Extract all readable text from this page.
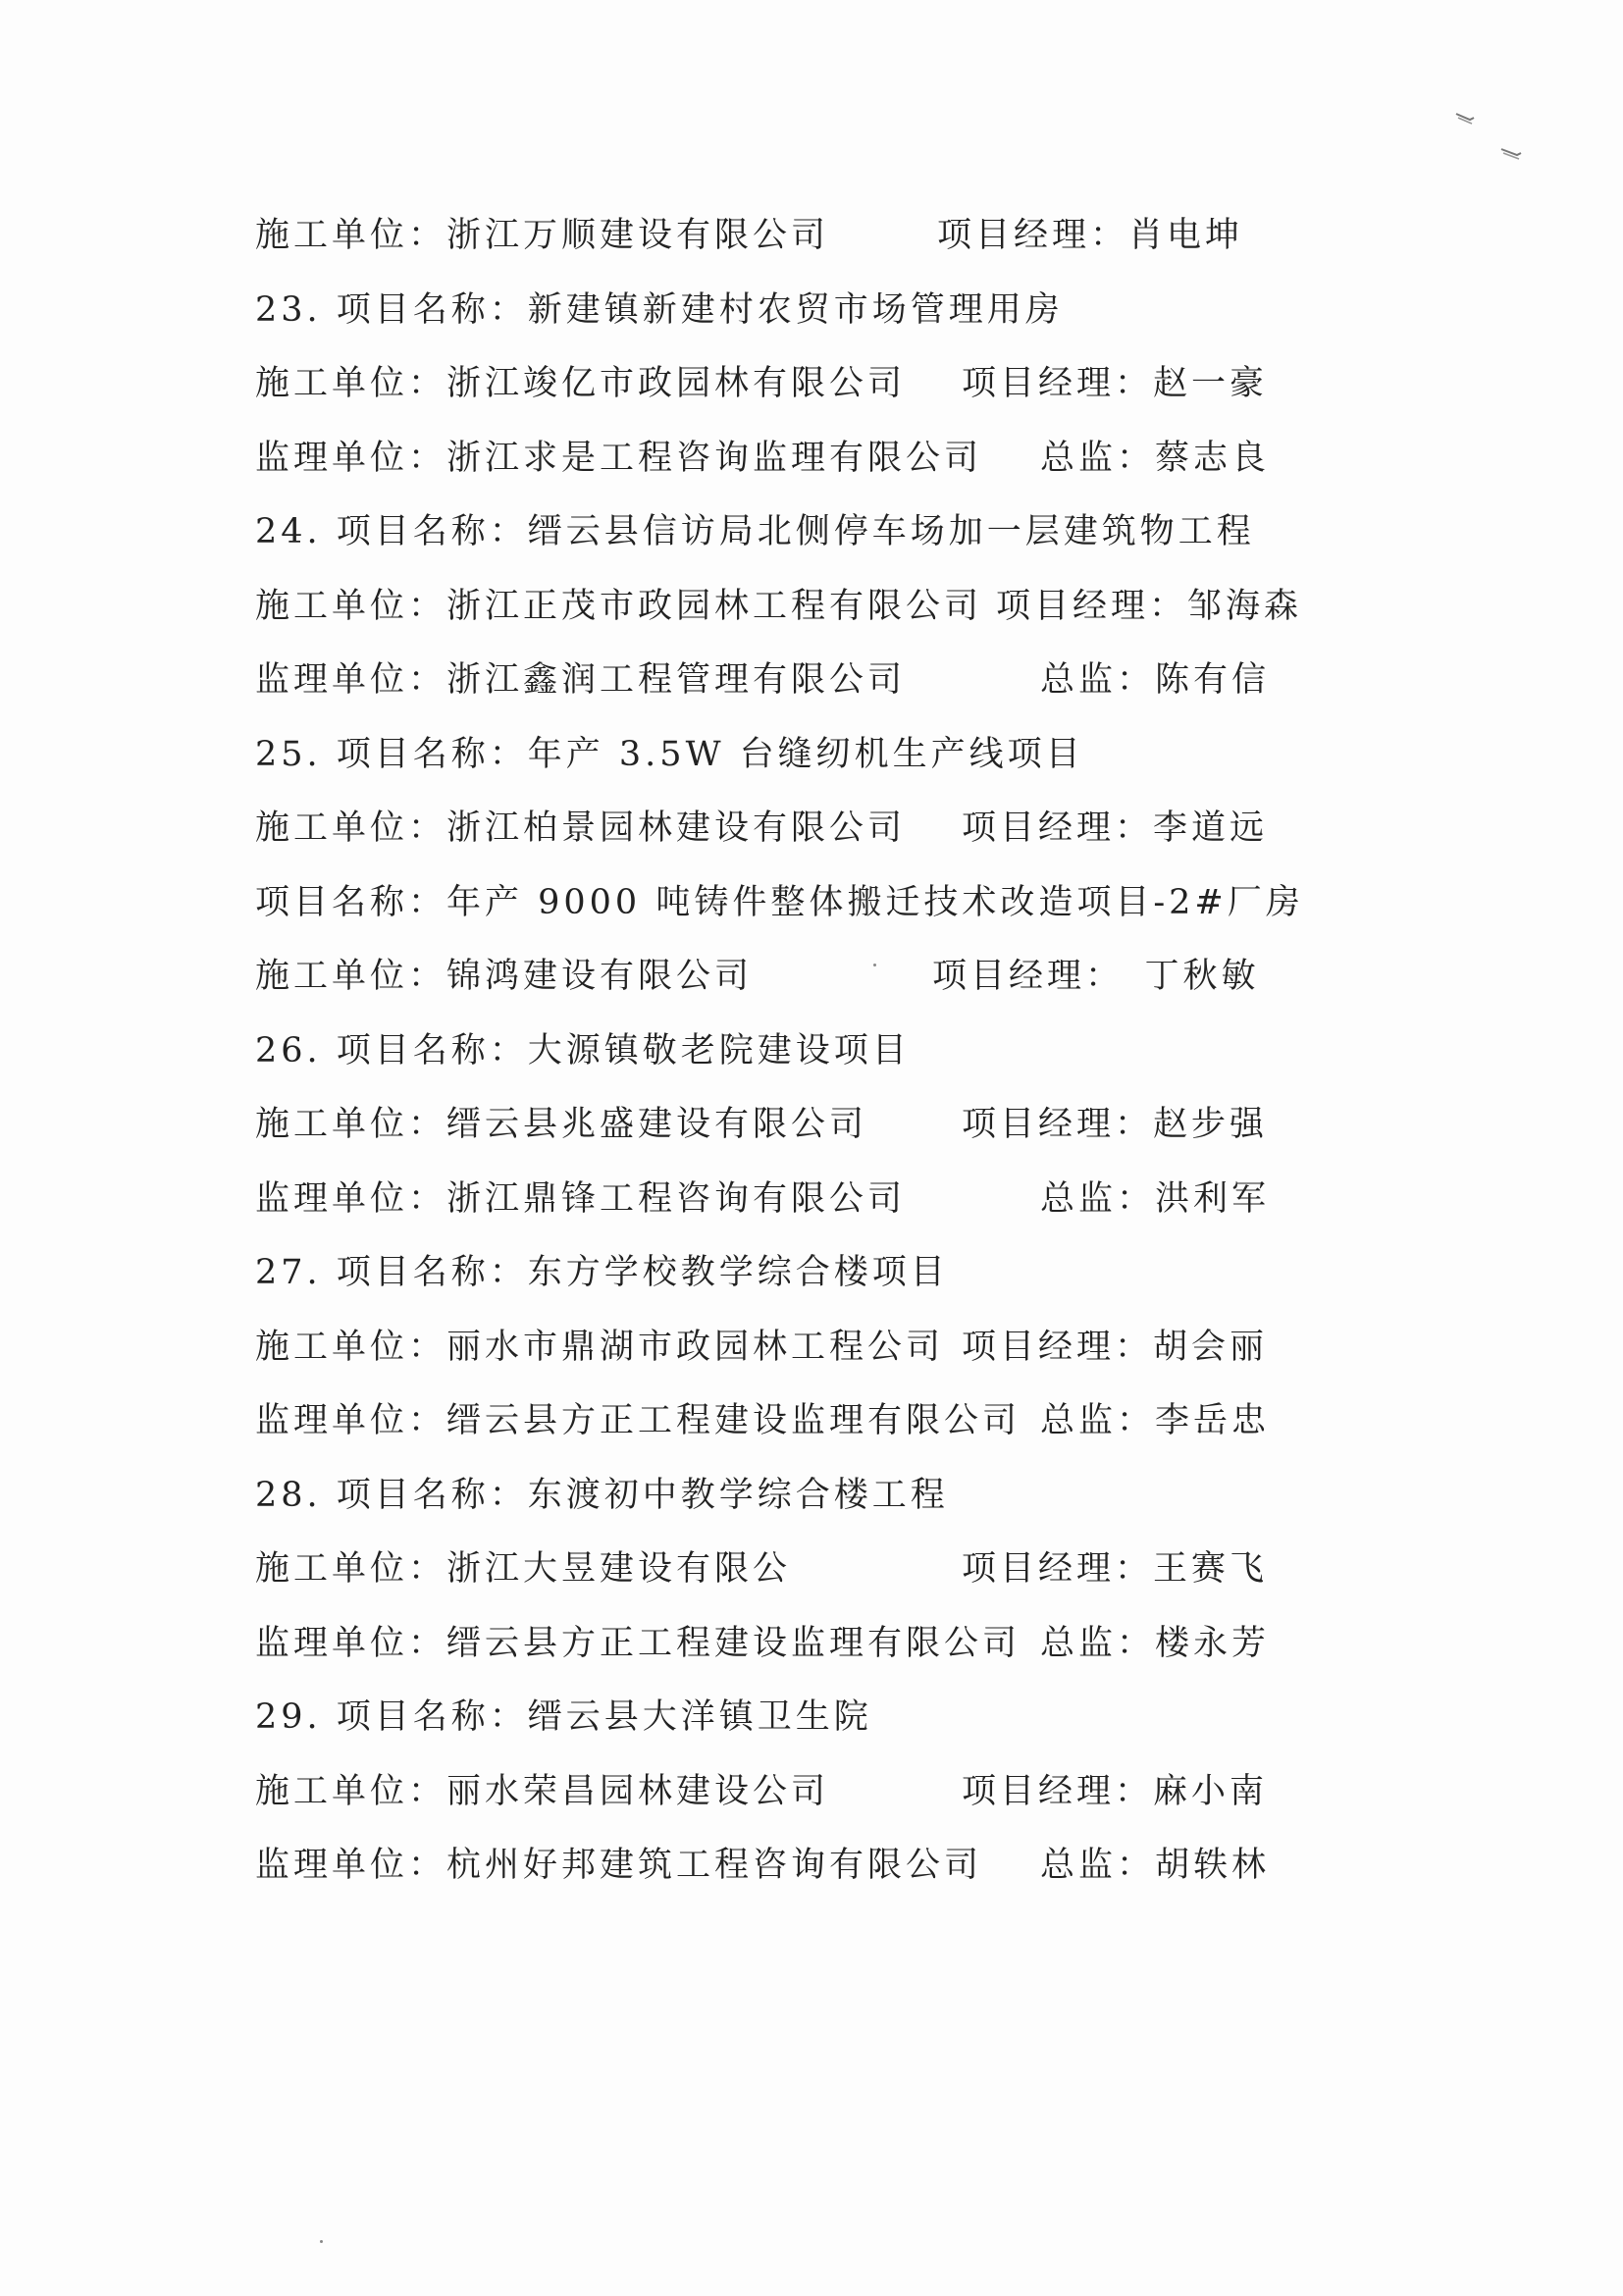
施工单位：浙江万顺建设有限公司	项目经理：肖电坤
23. 项目名称：新建镇新建村农贸市场管理用房
施工单位：浙江竣亿市政园林有限公司 项目经理：赵一豪
监理单位：浙江求是工程咨询监理有限公司 总监：蔡志良
24. 项目名称：缙云县信访局北侧停车场加一层建筑物工程
施工单位：浙江正茂市政园林工程有限公司 项目经理：邹海森
监理单位：浙江鑫润工程管理有限公司	总监：陈有信
25. 项目名称：年产 3.5W 台缝纫机生产线项目
施工单位：浙江柏景园林建设有限公司 项目经理：李道远
项目名称：年产 9000 吨铸件整体搬迁技术改造项目-2#厂房
施工单位：锦鸿建设有限公司	项目经理：　丁秋敏
26. 项目名称：大源镇敬老院建设项目
施工单位：缙云县兆盛建设有限公司	项目经理：赵步强
监理单位：浙江鼎锋工程咨询有限公司	总监：洪利军
27. 项目名称：东方学校教学综合楼项目
施工单位：丽水市鼎湖市政园林工程公司 项目经理：胡会丽
监理单位：缙云县方正工程建设监理有限公司 总监：李岳忠
28. 项目名称：东渡初中教学综合楼工程
施工单位：浙江大昱建设有限公	项目经理：王赛飞
监理单位：缙云县方正工程建设监理有限公司 总监：楼永芳
29. 项目名称：缙云县大洋镇卫生院
施工单位：丽水荣昌园林建设公司	项目经理：麻小南
监理单位：杭州好邦建筑工程咨询有限公司 总监：胡轶林
